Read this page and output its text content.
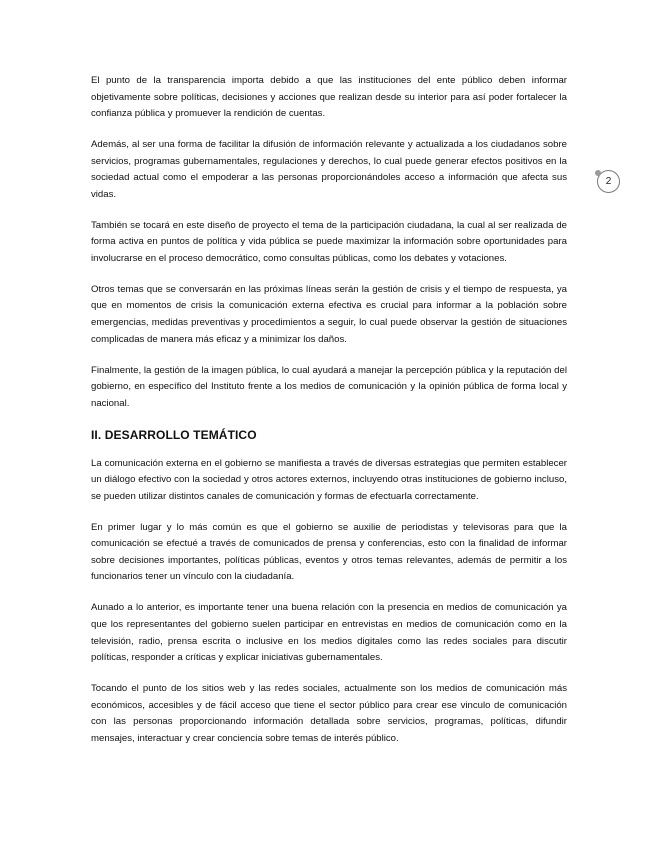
2

El punto de la transparencia importa debido a que las instituciones del ente público deben informar objetivamente sobre políticas, decisiones y acciones que realizan desde su interior para así poder fortalecer la confianza pública y promuever la rendición de cuentas.

Además, al ser una forma de facilitar la difusión de información relevante y actualizada a los ciudadanos sobre servicios, programas gubernamentales, regulaciones y derechos, lo cual puede generar efectos positivos en la sociedad actual como el empoderar a las personas proporcionándoles acceso a información que afecta sus vidas.

También se tocará en este diseño de proyecto el tema de la participación ciudadana, la cual al ser realizada de forma activa en puntos de política y vida pública se puede maximizar la información sobre oportunidades para involucrarse en el proceso democrático, como consultas públicas, como los debates y votaciones.

Otros temas que se conversarán en las próximas líneas serán la gestión de crisis y el tiempo de respuesta, ya que en momentos de crisis la comunicación externa efectiva es crucial para informar a la población sobre emergencias, medidas preventivas y procedimientos a seguir, lo cual puede observar la gestión de situaciones complicadas de manera más eficaz y a minimizar los daños.

Finalmente, la gestión de la imagen pública, lo cual ayudará a manejar la percepción pública y la reputación del gobierno, en específico del Instituto frente a los medios de comunicación y la opinión pública de forma local y nacional.

II. DESARROLLO TEMÁTICO

La comunicación externa en el gobierno se manifiesta a través de diversas estrategias que permiten establecer un diálogo efectivo con la sociedad y otros actores externos, incluyendo otras instituciones de gobierno incluso, se pueden utilizar distintos canales de comunicación y formas de efectuarla correctamente.

En primer lugar y lo más común es que el gobierno se auxilie de periodistas y televisoras para que la comunicación se efectué a través de comunicados de prensa y conferencias, esto con la finalidad de informar sobre decisiones importantes, políticas públicas, eventos y otros temas relevantes, además de permitir a los funcionarios tener un vínculo con la ciudadanía.

Aunado a lo anterior, es importante tener una buena relación con la presencia en medios de comunicación ya que los representantes del gobierno suelen participar en entrevistas en medios de comunicación como en la televisión, radio, prensa escrita o inclusive en los medios digitales como las redes sociales para discutir políticas, responder a críticas y explicar iniciativas gubernamentales.

Tocando el punto de los sitios web y las redes sociales, actualmente son los medios de comunicación más económicos, accesibles y de fácil acceso que tiene el sector público para crear ese vinculo de comunicación con las personas proporcionando información detallada sobre servicios, programas, políticas, difundir mensajes, interactuar y crear conciencia sobre temas de interés público.
